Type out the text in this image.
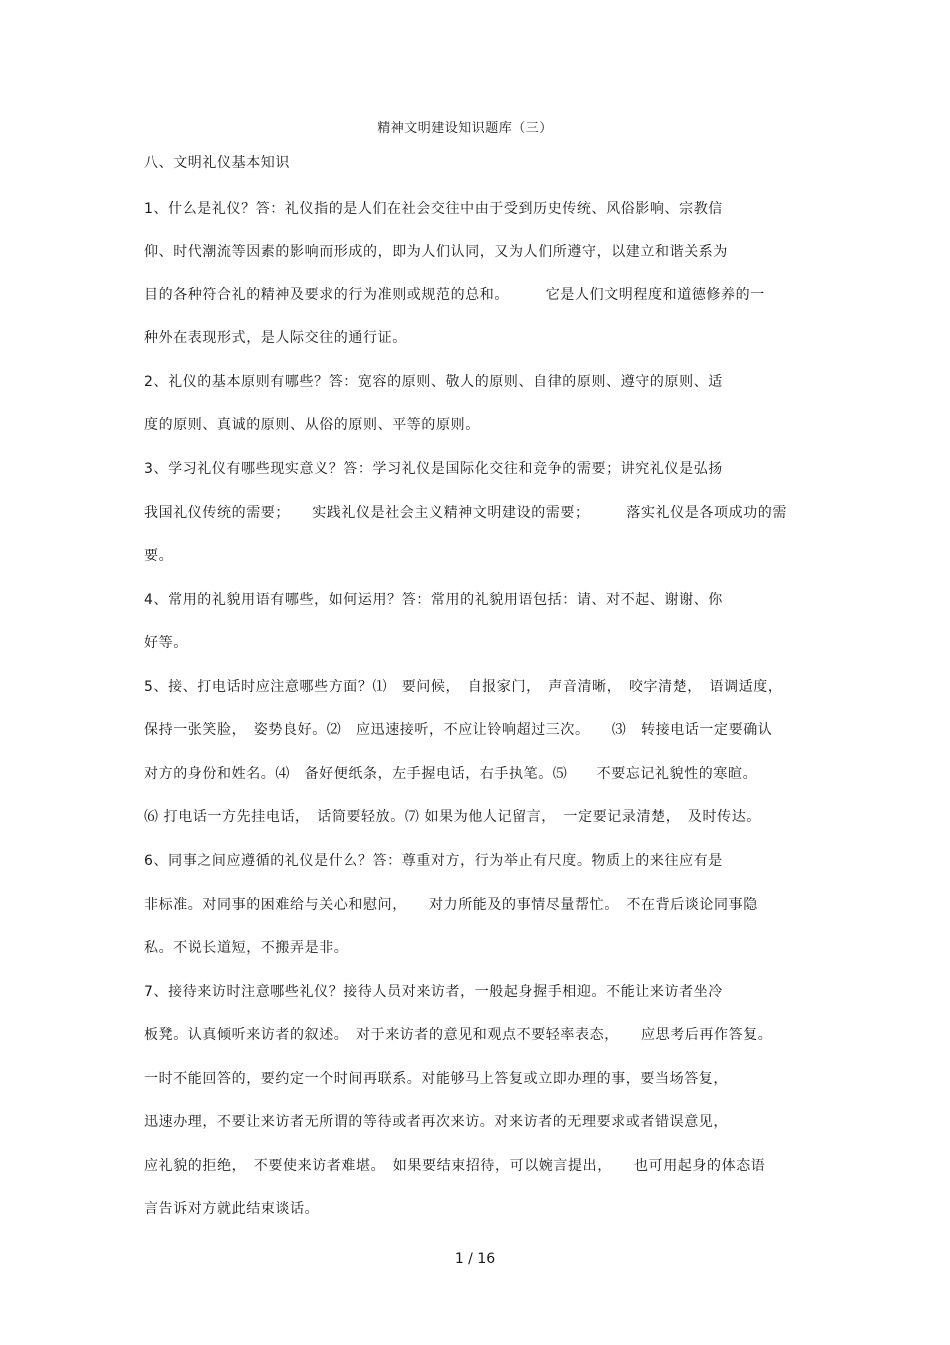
精神文明建设知识题库（三）
八、文明礼仪基本知识
1、什么是礼仪？答：礼仪指的是人们在社会交往中由于受到历史传统、风俗影响、宗教信
仰、时代潮流等因素的影响而形成的，即为人们认同，又为人们所遵守，以建立和谐关系为
目的各种符合礼的精神及要求的行为准则或规范的总和。　　　它是人们文明程度和道德修养的一
种外在表现形式，是人际交往的通行证。
2、礼仪的基本原则有哪些？答：宽容的原则、敬人的原则、自律的原则、遵守的原则、适
度的原则、真诚的原则、从俗的原则、平等的原则。
3、学习礼仪有哪些现实意义？答：学习礼仪是国际化交往和竞争的需要；讲究礼仪是弘扬
我国礼仪传统的需要；　　实践礼仪是社会主义精神文明建设的需要；　　　落实礼仪是各项成功的需
要。
4、常用的礼貌用语有哪些，如何运用？答：常用的礼貌用语包括：请、对不起、谢谢、你
好等。
5、接、打电话时应注意哪些方面？⑴　要问候，　自报家门，　声音清晰，　咬字清楚，　语调适度，
保持一张笑脸，　姿势良好。⑵　应迅速接听，不应让铃响超过三次。　　⑶　转接电话一定要确认
对方的身份和姓名。⑷　备好便纸条，左手握电话，右手执笔。⑸　　不要忘记礼貌性的寒暄。
⑹ 打电话一方先挂电话，　话筒要轻放。⑺ 如果为他人记留言，　一定要记录清楚，　及时传达。
6、同事之间应遵循的礼仪是什么？答：尊重对方，行为举止有尺度。物质上的来往应有是
非标准。对同事的困难给与关心和慰问，　　对力所能及的事情尽量帮忙。　不在背后谈论同事隐
私。不说长道短，不搬弄是非。
7、接待来访时注意哪些礼仪？接待人员对来访者，一般起身握手相迎。不能让来访者坐冷
板凳。认真倾听来访者的叙述。　对于来访者的意见和观点不要轻率表态，　　应思考后再作答复。
一时不能回答的，要约定一个时间再联系。对能够马上答复或立即办理的事，要当场答复，
迅速办理，不要让来访者无所谓的等待或者再次来访。对来访者的无理要求或者错误意见，
应礼貌的拒绝，　不要使来访者难堪。　如果要结束招待，可以婉言提出，　　也可用起身的体态语
言告诉对方就此结束谈话。
1 / 16
